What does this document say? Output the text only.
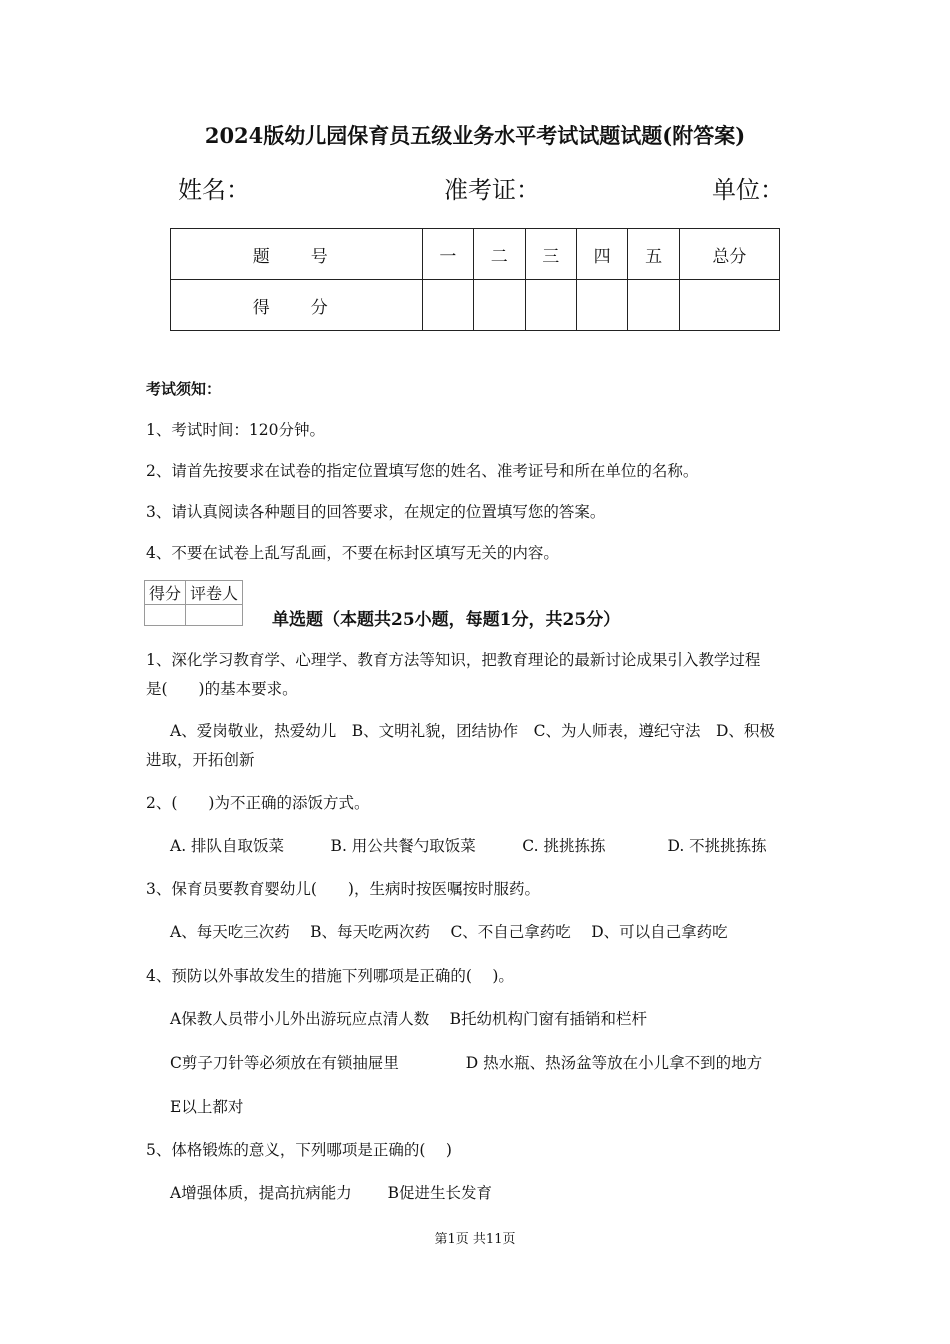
2024版幼儿园保育员五级业务水平考试试题试题(附答案)
姓名：	准考证：	单位：
题　号	一	二	三	四	五	总分
得　分						
考试须知：
1、考试时间：120分钟。
2、请首先按要求在试卷的指定位置填写您的姓名、准考证号和所在单位的名称。
3、请认真阅读各种题目的回答要求，在规定的位置填写您的答案。
4、不要在试卷上乱写乱画，不要在标封区填写无关的内容。
得分	评卷人

单选题（本题共25小题，每题1分，共25分）
1、深化学习教育学、心理学、教育方法等知识，把教育理论的最新讨论成果引入教学过程
是(　　)的基本要求。
A、爱岗敬业，热爱幼儿　B、文明礼貌，团结协作　C、为人师表，遵纪守法　D、积极
进取，开拓创新
2、(　　)为不正确的添饭方式。
A. 排队自取饭菜　　　B. 用公共餐勺取饭菜　　　C. 挑挑拣拣　　　　D. 不挑挑拣拣
3、保育员要教育婴幼儿(　　)，生病时按医嘱按时服药。
A、每天吃三次药　 B、每天吃两次药　 C、不自己拿药吃　 D、可以自己拿药吃
4、预防以外事故发生的措施下列哪项是正确的(　 )。
A保教人员带小儿外出游玩应点清人数　 B托幼机构门窗有插销和栏杆
C剪子刀针等必须放在有锁抽屉里　　　　 D 热水瓶、热汤盆等放在小儿拿不到的地方
E以上都对
5、体格锻炼的意义，下列哪项是正确的(　 )
A增强体质，提高抗病能力　　 B促进生长发育
第1页 共11页
